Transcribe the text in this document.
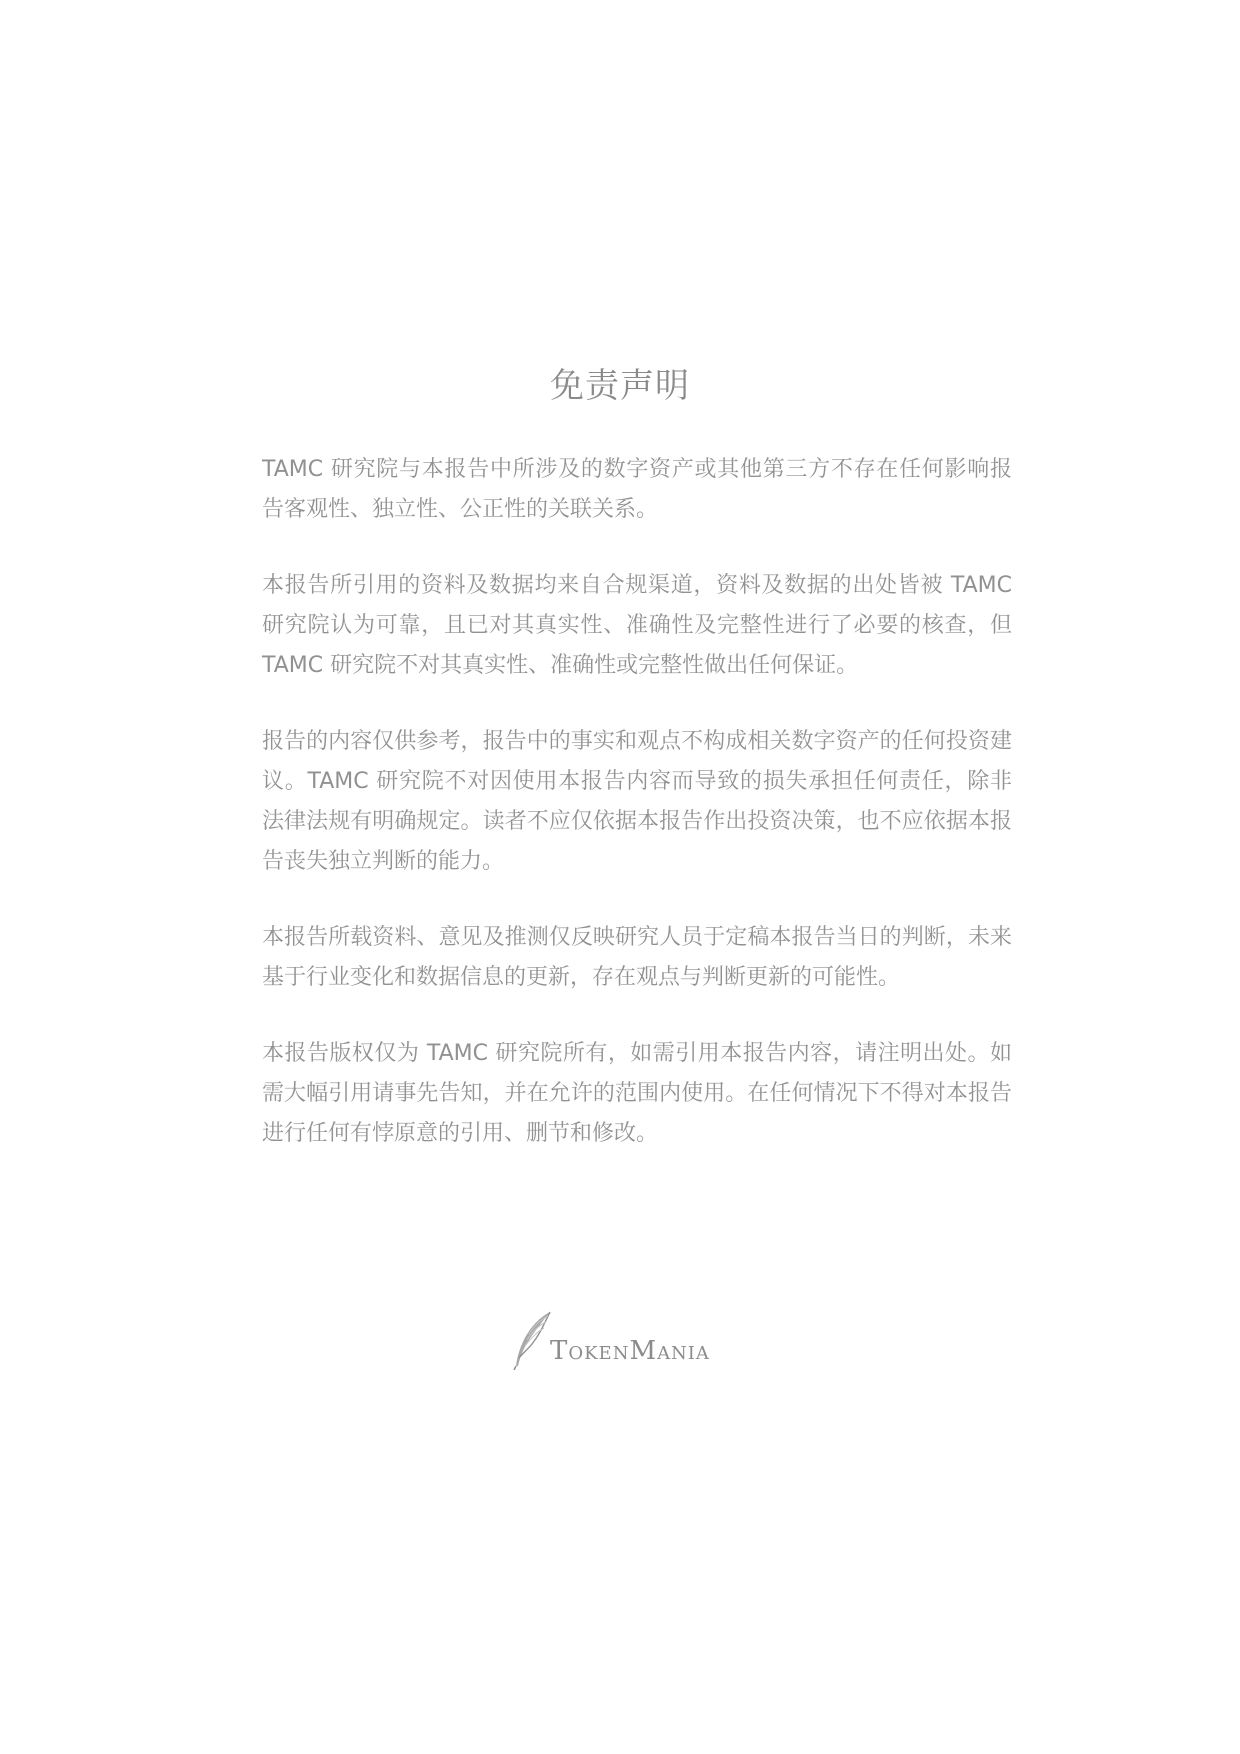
免责声明

TAMC 研究院与本报告中所涉及的数字资产或其他第三方不存在任何影响报告客观性、独立性、公正性的关联关系。

本报告所引用的资料及数据均来自合规渠道，资料及数据的出处皆被 TAMC 研究院认为可靠，且已对其真实性、准确性及完整性进行了必要的核查，但 TAMC 研究院不对其真实性、准确性或完整性做出任何保证。

报告的内容仅供参考，报告中的事实和观点不构成相关数字资产的任何投资建议。TAMC 研究院不对因使用本报告内容而导致的损失承担任何责任，除非法律法规有明确规定。读者不应仅依据本报告作出投资决策，也不应依据本报告丧失独立判断的能力。

本报告所载资料、意见及推测仅反映研究人员于定稿本报告当日的判断，未来基于行业变化和数据信息的更新，存在观点与判断更新的可能性。

本报告版权仅为 TAMC 研究院所有，如需引用本报告内容，请注明出处。如需大幅引用请事先告知，并在允许的范围内使用。在任何情况下不得对本报告进行任何有悖原意的引用、删节和修改。

TOKENMANIA
